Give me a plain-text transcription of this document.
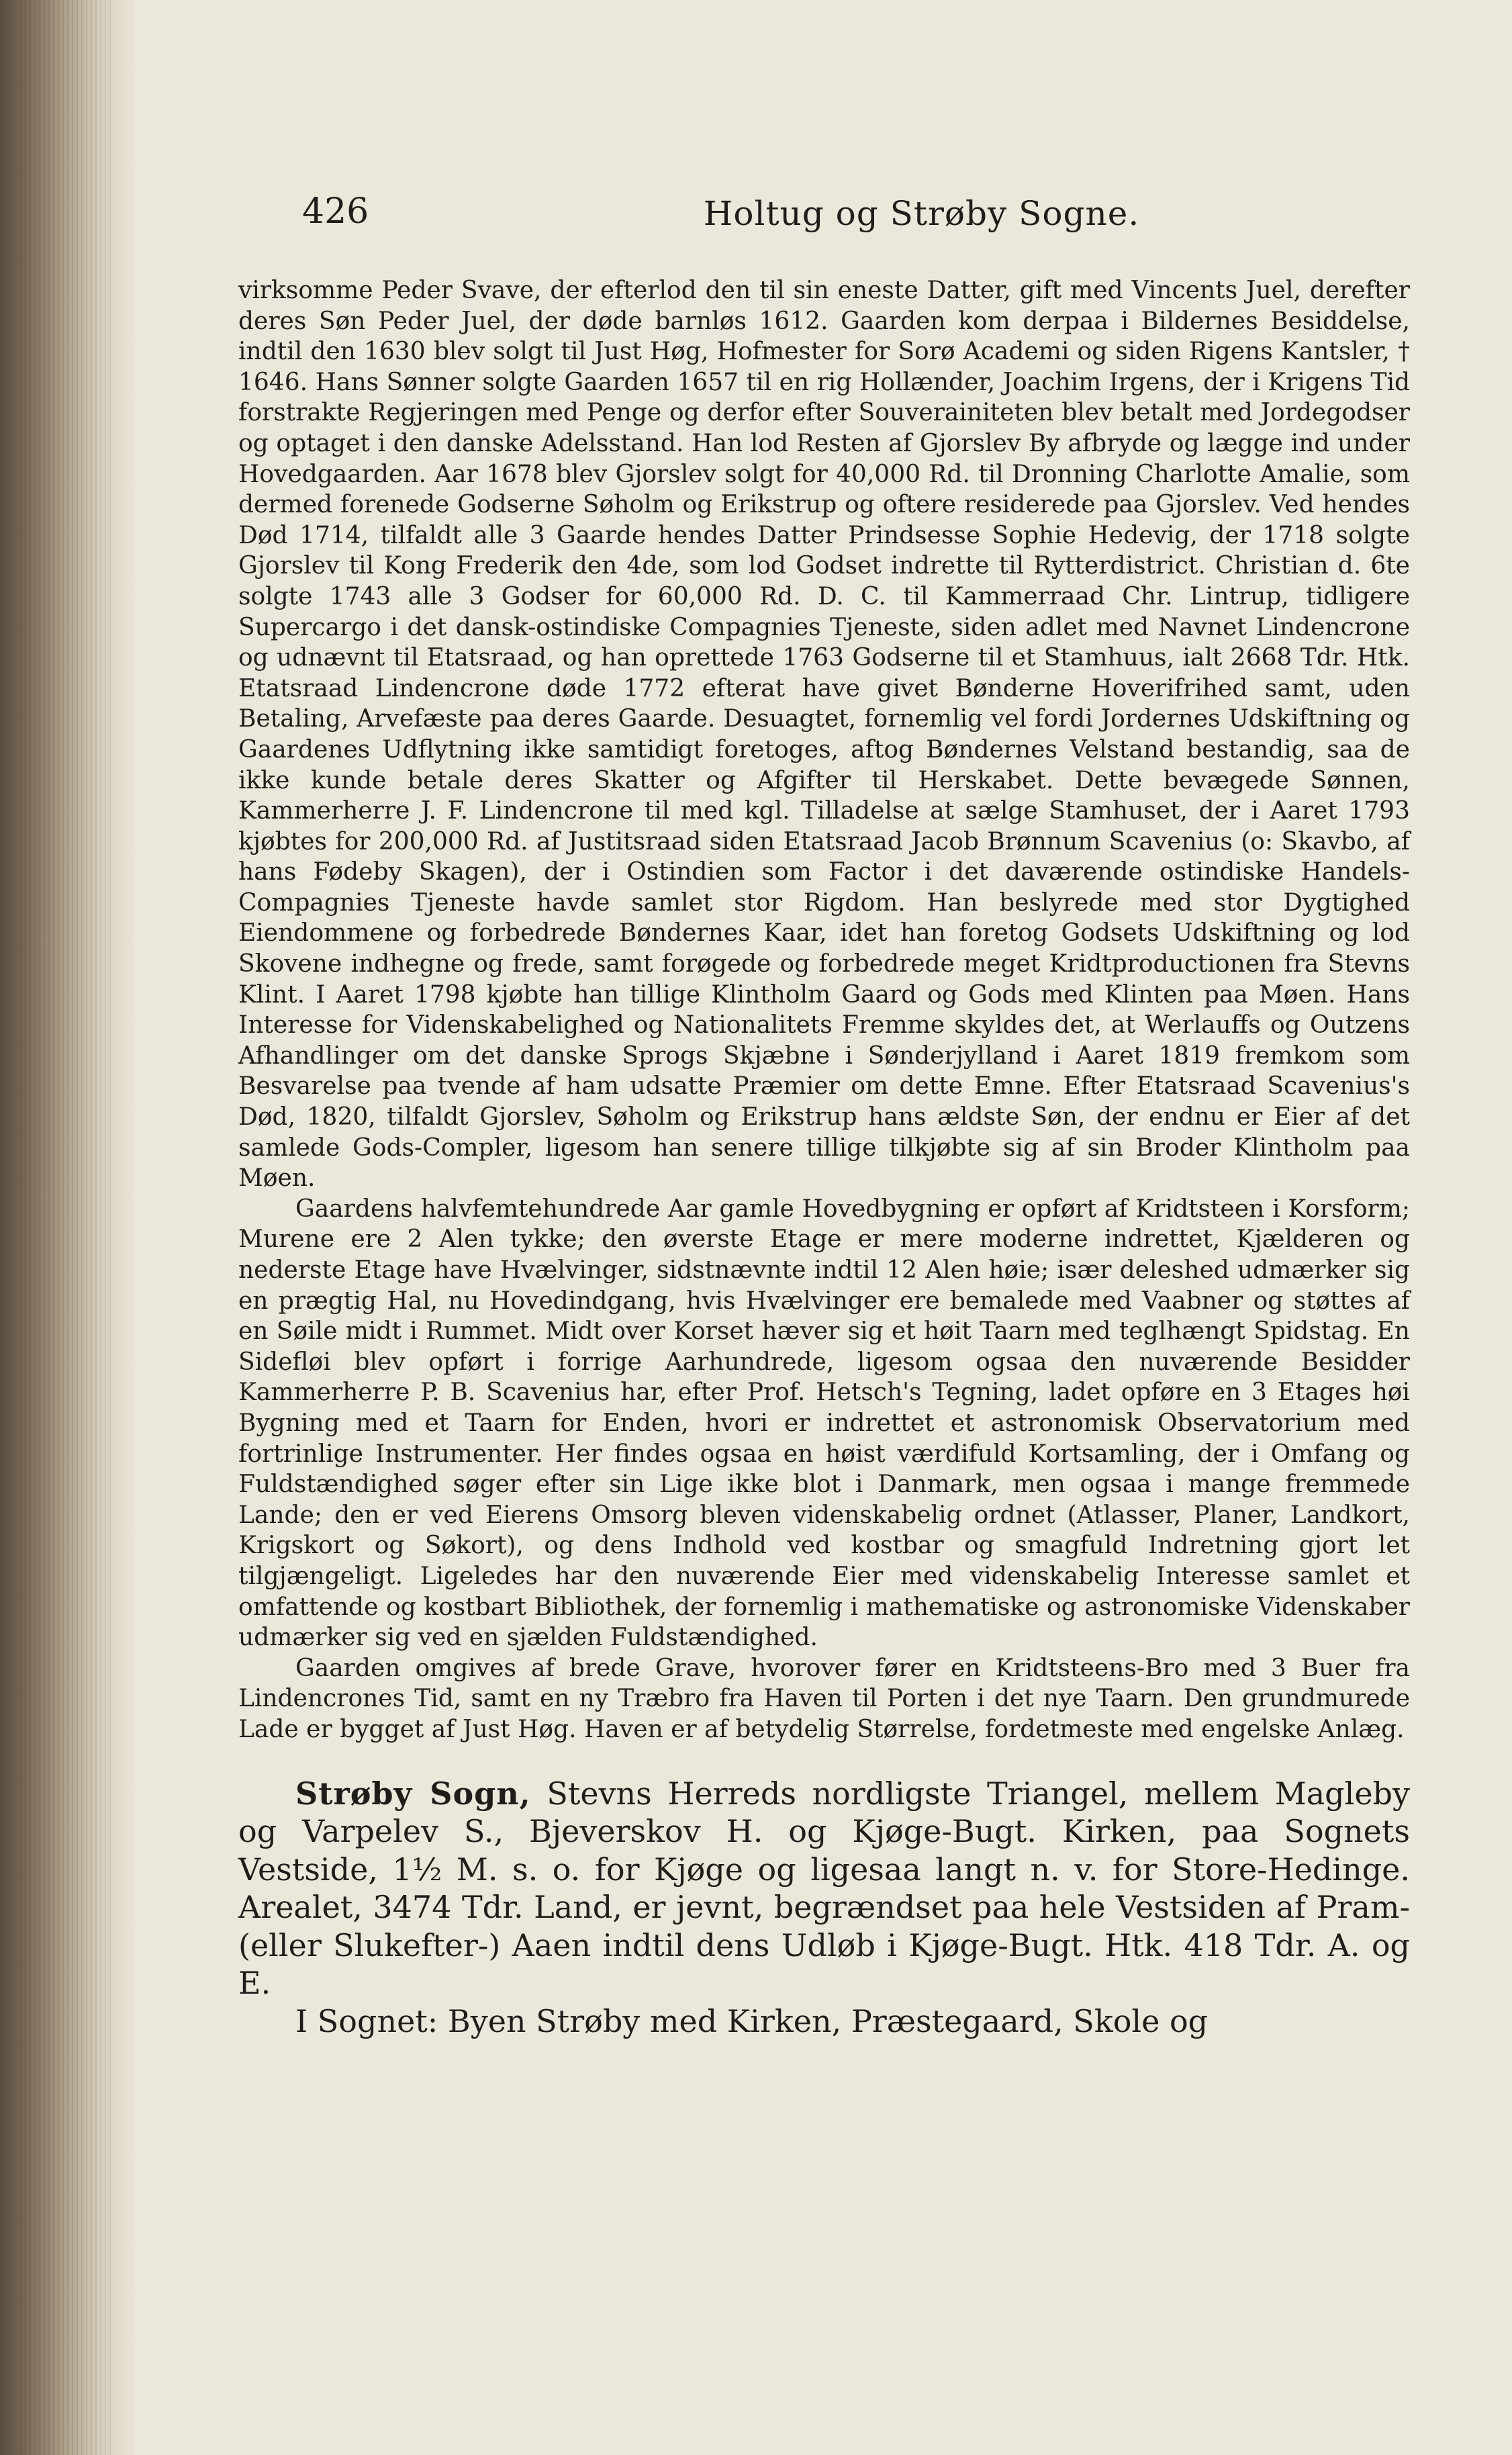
426	Holtug og Strøby Sogne.

virksomme Peder Svave, der efterlod den til sin eneste Datter, gift med Vincents Juel, derefter deres Søn Peder Juel, der døde barnløs 1612. Gaarden kom derpaa i Bildernes Besiddelse, indtil den 1630 blev solgt til Just Høg, Hofmester for Sorø Academi og siden Rigens Kantsler, † 1646. Hans Sønner solgte Gaarden 1657 til en rig Hollænder, Joachim Irgens, der i Krigens Tid forstrakte Regjeringen med Penge og derfor efter Souverainiteten blev betalt med Jordegodser og optaget i den danske Adelsstand. Han lod Resten af Gjorslev By afbryde og lægge ind under Hovedgaarden. Aar 1678 blev Gjorslev solgt for 40,000 Rd. til Dronning Charlotte Amalie, som dermed forenede Godserne Søholm og Erikstrup og oftere residerede paa Gjorslev. Ved hendes Død 1714, tilfaldt alle 3 Gaarde hendes Datter Prindsesse Sophie Hedevig, der 1718 solgte Gjorslev til Kong Frederik den 4de, som lod Godset indrette til Rytterdistrict. Christian d. 6te solgte 1743 alle 3 Godser for 60,000 Rd. D. C. til Kammerraad Chr. Lintrup, tidligere Supercargo i det dansk-ostindiske Compagnies Tjeneste, siden adlet med Navnet Lindencrone og udnævnt til Etatsraad, og han oprettede 1763 Godserne til et Stamhuus, ialt 2668 Tdr. Htk. Etatsraad Lindencrone døde 1772 efterat have givet Bønderne Hoverifrihed samt, uden Betaling, Arvefæste paa deres Gaarde. Desuagtet, fornemlig vel fordi Jordernes Udskiftning og Gaardenes Udflytning ikke samtidigt foretoges, aftog Bøndernes Velstand bestandig, saa de ikke kunde betale deres Skatter og Afgifter til Herskabet. Dette bevægede Sønnen, Kammerherre J. F. Lindencrone til med kgl. Tilladelse at sælge Stamhuset, der i Aaret 1793 kjøbtes for 200,000 Rd. af Justitsraad siden Etatsraad Jacob Brønnum Scavenius (o: Skavbo, af hans Fødeby Skagen), der i Ostindien som Factor i det daværende ostindiske Handels-Compagnies Tjeneste havde samlet stor Rigdom. Han beslyrede med stor Dygtighed Eiendommene og forbedrede Bøndernes Kaar, idet han foretog Godsets Udskiftning og lod Skovene indhegne og frede, samt forøgede og forbedrede meget Kridtproductionen fra Stevns Klint. I Aaret 1798 kjøbte han tillige Klintholm Gaard og Gods med Klinten paa Møen. Hans Interesse for Videnskabelighed og Nationalitets Fremme skyldes det, at Werlauffs og Outzens Afhandlinger om det danske Sprogs Skjæbne i Sønderjylland i Aaret 1819 fremkom som Besvarelse paa tvende af ham udsatte Præmier om dette Emne. Efter Etatsraad Scavenius's Død, 1820, tilfaldt Gjorslev, Søholm og Erikstrup hans ældste Søn, der endnu er Eier af det samlede Gods-Compler, ligesom han senere tillige tilkjøbte sig af sin Broder Klintholm paa Møen.

Gaardens halvfemtehundrede Aar gamle Hovedbygning er opført af Kridtsteen i Korsform; Murene ere 2 Alen tykke; den øverste Etage er mere moderne indrettet, Kjælderen og nederste Etage have Hvælvinger, sidstnævnte indtil 12 Alen høie; især deleshed udmærker sig en prægtig Hal, nu Hovedindgang, hvis Hvælvinger ere bemalede med Vaabner og støttes af en Søile midt i Rummet. Midt over Korset hæver sig et høit Taarn med teglhængt Spidstag. En Sidefløi blev opført i forrige Aarhundrede, ligesom ogsaa den nuværende Besidder Kammerherre P. B. Scavenius har, efter Prof. Hetsch's Tegning, ladet opføre en 3 Etages høi Bygning med et Taarn for Enden, hvori er indrettet et astronomisk Observatorium med fortrinlige Instrumenter. Her findes ogsaa en høist værdifuld Kortsamling, der i Omfang og Fuldstændighed søger efter sin Lige ikke blot i Danmark, men ogsaa i mange fremmede Lande; den er ved Eierens Omsorg bleven videnskabelig ordnet (Atlasser, Planer, Landkort, Krigskort og Søkort), og dens Indhold ved kostbar og smagfuld Indretning gjort let tilgjængeligt. Ligeledes har den nuværende Eier med videnskabelig Interesse samlet et omfattende og kostbart Bibliothek, der fornemlig i mathematiske og astronomiske Videnskaber udmærker sig ved en sjælden Fuldstændighed.

Gaarden omgives af brede Grave, hvorover fører en Kridtsteens-Bro med 3 Buer fra Lindencrones Tid, samt en ny Træbro fra Haven til Porten i det nye Taarn. Den grundmurede Lade er bygget af Just Høg. Haven er af betydelig Størrelse, fordetmeste med engelske Anlæg.

Strøby Sogn, Stevns Herreds nordligste Triangel, mellem Magleby og Varpelev S., Bjeverskov H. og Kjøge-Bugt. Kirken, paa Sognets Vestside, 1½ M. s. o. for Kjøge og ligesaa langt n. v. for Store-Hedinge. Arealet, 3474 Tdr. Land, er jevnt, begrændset paa hele Vestsiden af Pram- (eller Slukefter-) Aaen indtil dens Udløb i Kjøge-Bugt. Htk. 418 Tdr. A. og E.

I Sognet: Byen Strøby med Kirken, Præstegaard, Skole og
